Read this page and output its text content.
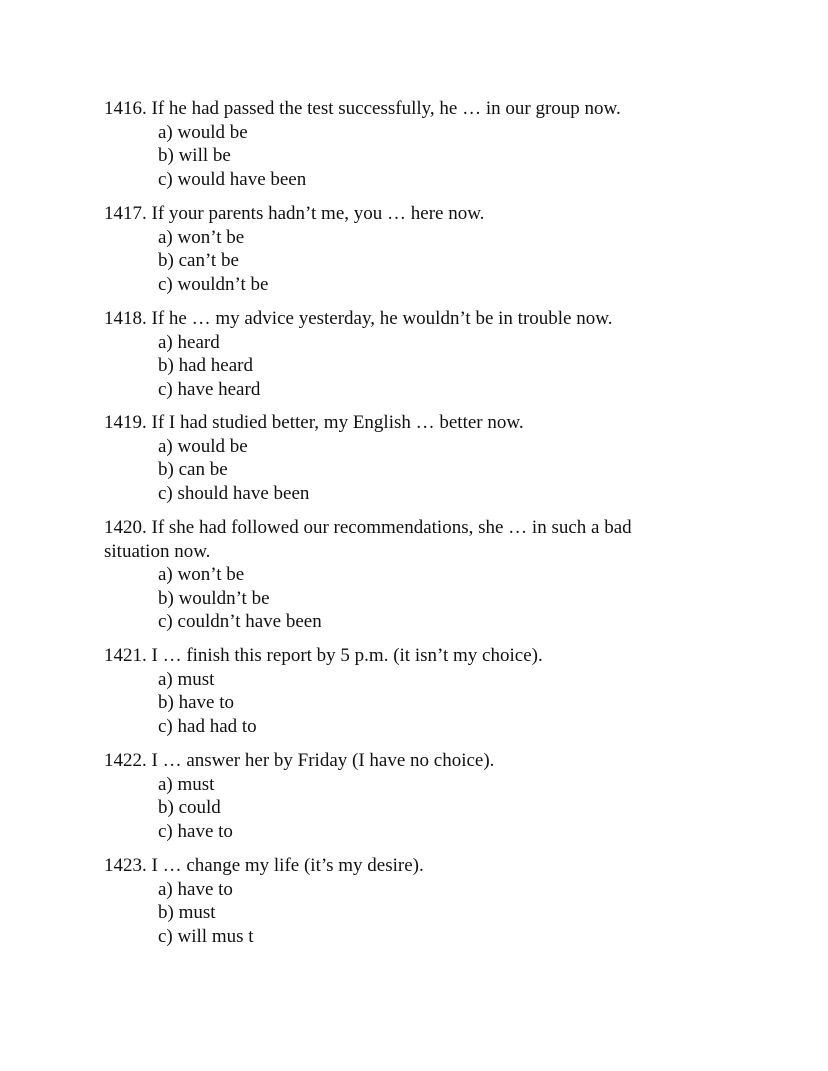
1416. If he had passed the test successfully, he … in our group now.

a) would be

b) will be

c) would have been

1417. If your parents hadn’t me, you … here now.

a) won’t be

b) can’t be

c) wouldn’t be

1418. If he … my advice yesterday, he wouldn’t be in trouble now.

a) heard

b) had heard

c) have heard

1419. If I had studied better, my English … better now.

a) would be

b) can be

c) should have been

1420. If she had followed our recommendations, she … in such a bad situation now.

a) won’t be

b) wouldn’t be

c) couldn’t have been

1421. I … finish this report by 5 p.m. (it isn’t my choice).

a) must

b) have to

c) had had to

1422. I … answer her by Friday (I have no choice).

a) must

b) could

c) have to

1423. I … change my life (it’s my desire).

a) have to

b) must

c) will mus t
